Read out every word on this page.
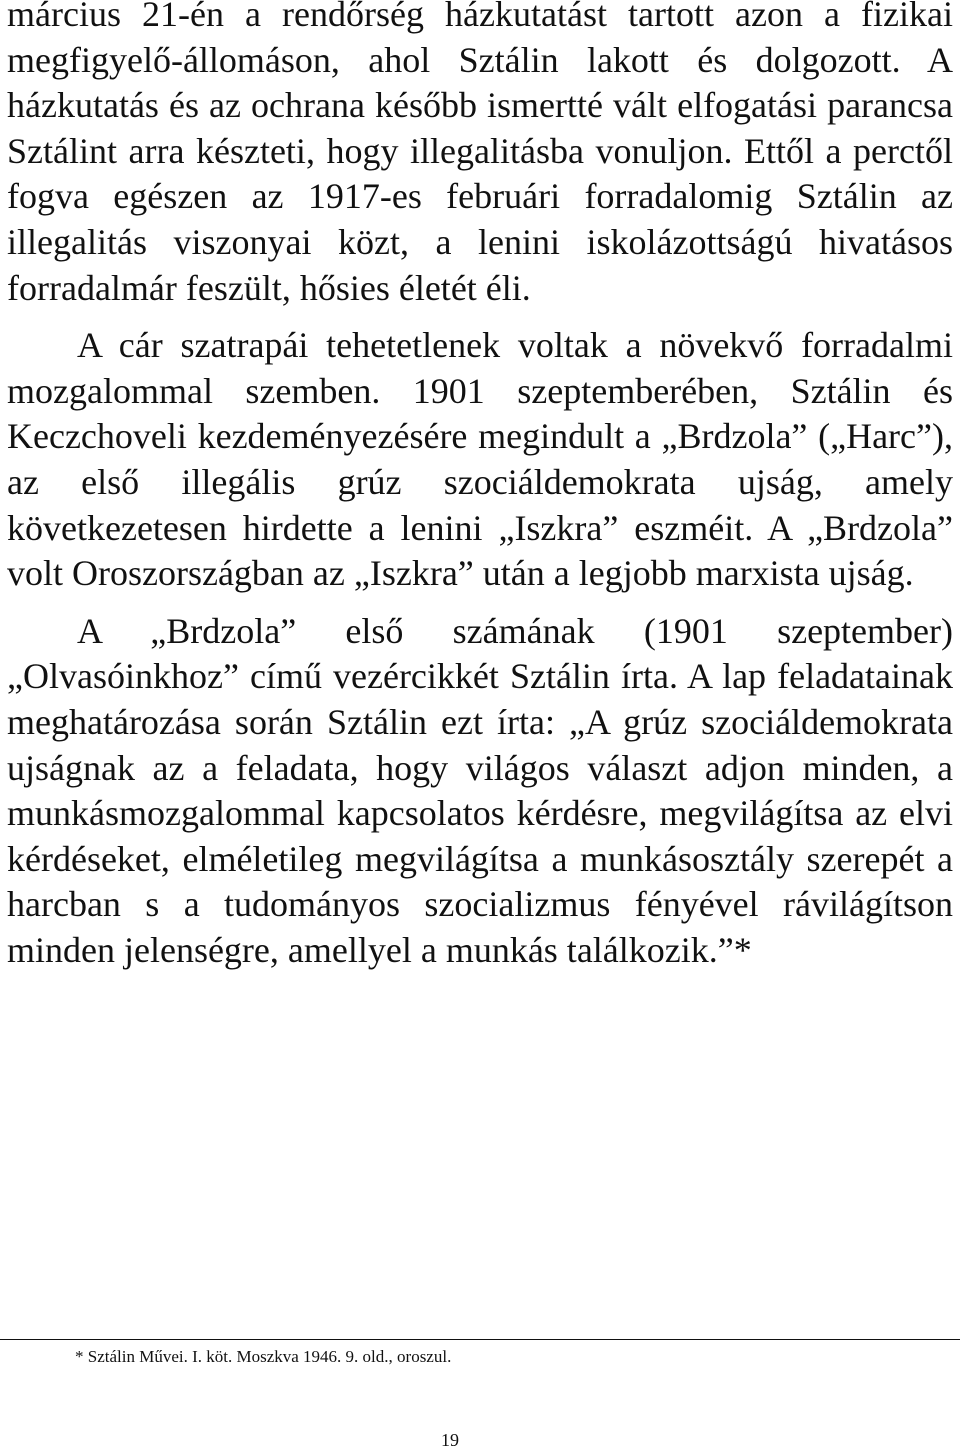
március 21-én a rendőrség házkutatást tartott azon a fizikai megfigyelő-állomáson, ahol Sztálin lakott és dolgozott. A házkutatás és az ochrana később ismertté vált elfogatási parancsa Sztálint arra készteti, hogy illegalitásba vonuljon. Ettől a perctől fogva egészen az 1917-es februári forradalomig Sztálin az illegalitás viszonyai közt, a lenini iskolázottságú hivatásos forradalmár feszült, hősies életét éli.

A cár szatrapái tehetetlenek voltak a növekvő forradalmi mozgalommal szemben. 1901 szeptemberében, Sztálin és Keczchoveli kezdeményezésére megindult a „Brdzola” („Harc”), az első illegális grúz szociáldemokrata ujság, amely következetesen hirdette a lenini „Iszkra” eszméit. A „Brdzola” volt Oroszországban az „Iszkra” után a legjobb marxista ujság.

A „Brdzola” első számának (1901 szeptember) „Olvasóinkhoz” című vezércikkét Sztálin írta. A lap feladatainak meghatározása során Sztálin ezt írta: „A grúz szociáldemokrata ujságnak az a feladata, hogy világos választ adjon minden, a munkásmozgalommal kapcsolatos kérdésre, megvilágítsa az elvi kérdéseket, elméletileg megvilágítsa a munkásosztály szerepét a harcban s a tudományos szocializmus fényével rávilágítson minden jelenségre, amellyel a munkás találkozik.”*

* Sztálin Művei. I. köt. Moszkva 1946. 9. old., oroszul.
19
